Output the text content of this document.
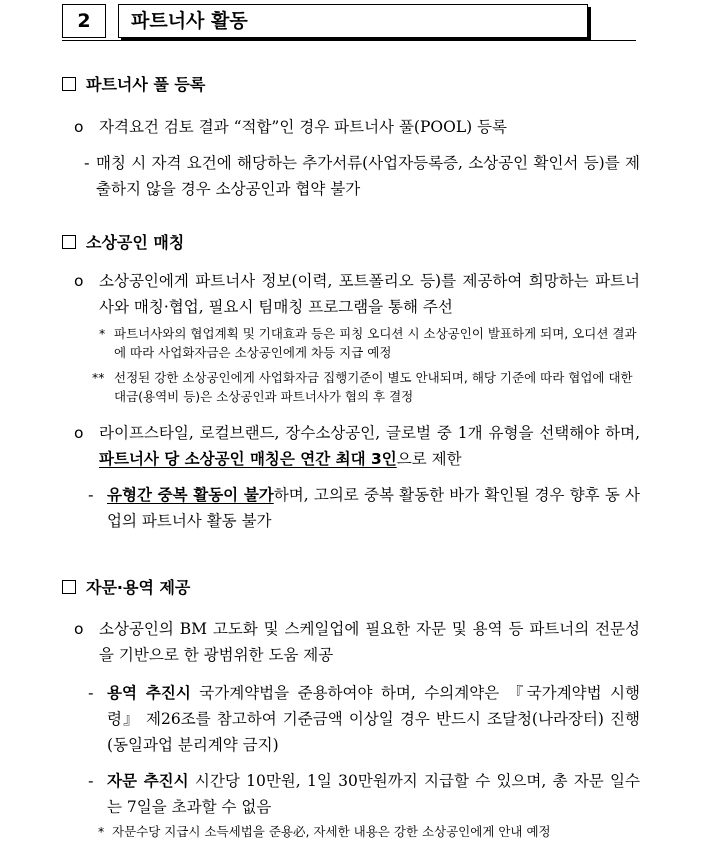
2	파트너사 활동
파트너사 풀 등록
o 자격요건 검토 결과 “적합”인 경우 파트너사 풀(POOL) 등록
- 매칭 시 자격 요건에 해당하는 추가서류(사업자등록증, 소상공인 확인서 등)를 제출하지 않을 경우 소상공인과 협약 불가
소상공인 매칭
o 소상공인에게 파트너사 정보(이력, 포트폴리오 등)를 제공하여 희망하는 파트너사와 매칭·협업, 필요시 팀매칭 프로그램을 통해 주선
* 파트너사와의 협업계획 및 기대효과 등은 피칭 오디션 시 소상공인이 발표하게 되며, 오디션 결과에 따라 사업화자금은 소상공인에게 차등 지급 예정
** 선정된 강한 소상공인에게 사업화자금 집행기준이 별도 안내되며, 해당 기준에 따라 협업에 대한 대금(용역비 등)은 소상공인과 파트너사가 협의 후 결정
o 라이프스타일, 로컬브랜드, 장수소상공인, 글로벌 중 1개 유형을 선택해야 하며, 파트너사 당 소상공인 매칭은 연간 최대 3인으로 제한
- 유형간 중복 활동이 불가하며, 고의로 중복 활동한 바가 확인될 경우 향후 동 사업의 파트너사 활동 불가
자문·용역 제공
o 소상공인의 BM 고도화 및 스케일업에 필요한 자문 및 용역 등 파트너의 전문성을 기반으로 한 광범위한 도움 제공
- 용역 추진시 국가계약법을 준용하여야 하며, 수의계약은 『국가계약법 시행령』 제26조를 참고하여 기준금액 이상일 경우 반드시 조달청(나라장터) 진행(동일과업 분리계약 금지)
- 자문 추진시 시간당 10만원, 1일 30만원까지 지급할 수 있으며, 총 자문 일수는 7일을 초과할 수 없음
* 자문수당 지급시 소득세법을 준용必, 자세한 내용은 강한 소상공인에게 안내 예정
